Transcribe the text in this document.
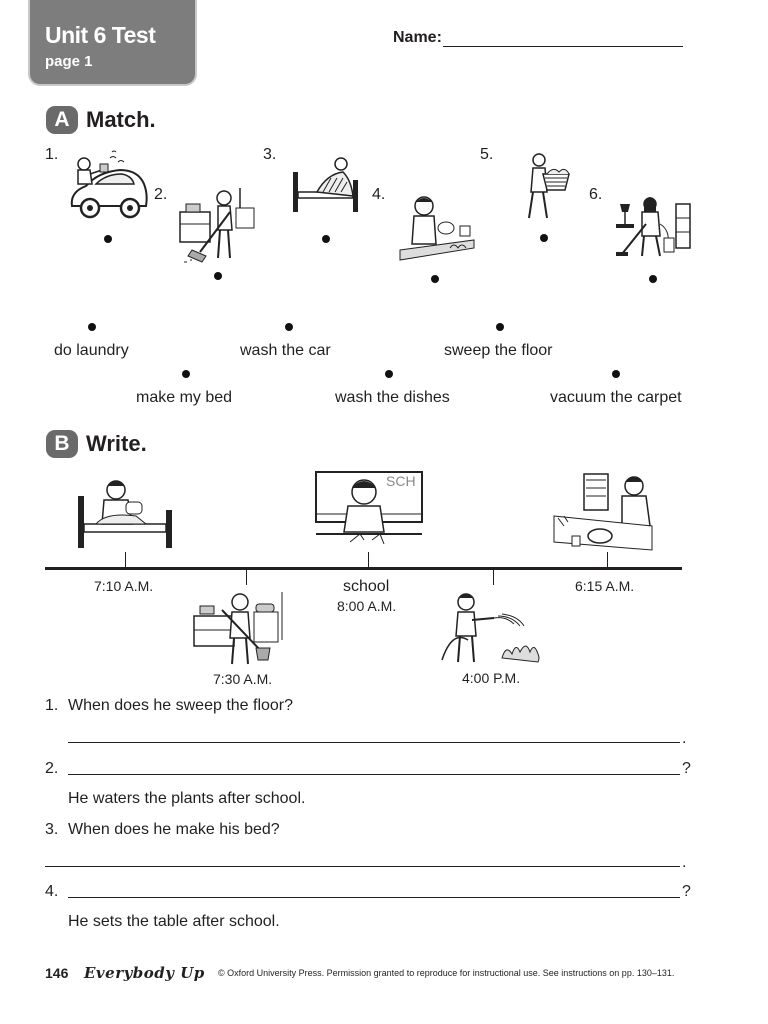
Unit 6 Test
page 1
Name:
A Match.
1.
2.
3.
4.
5.
6.
do laundry
make my bed
wash the car
wash the dishes
sweep the floor
vacuum the carpet
B Write.
SCH
7:10 A.M.
7:30 A.M.
school
8:00 A.M.
4:00 P.M.
6:15 A.M.
1. When does he sweep the floor?
.
2.	?
He waters the plants after school.
3. When does he make his bed?
.
4.	?
He sets the table after school.
146 Everybody Up © Oxford University Press. Permission granted to reproduce for instructional use. See instructions on pp. 130–131.
